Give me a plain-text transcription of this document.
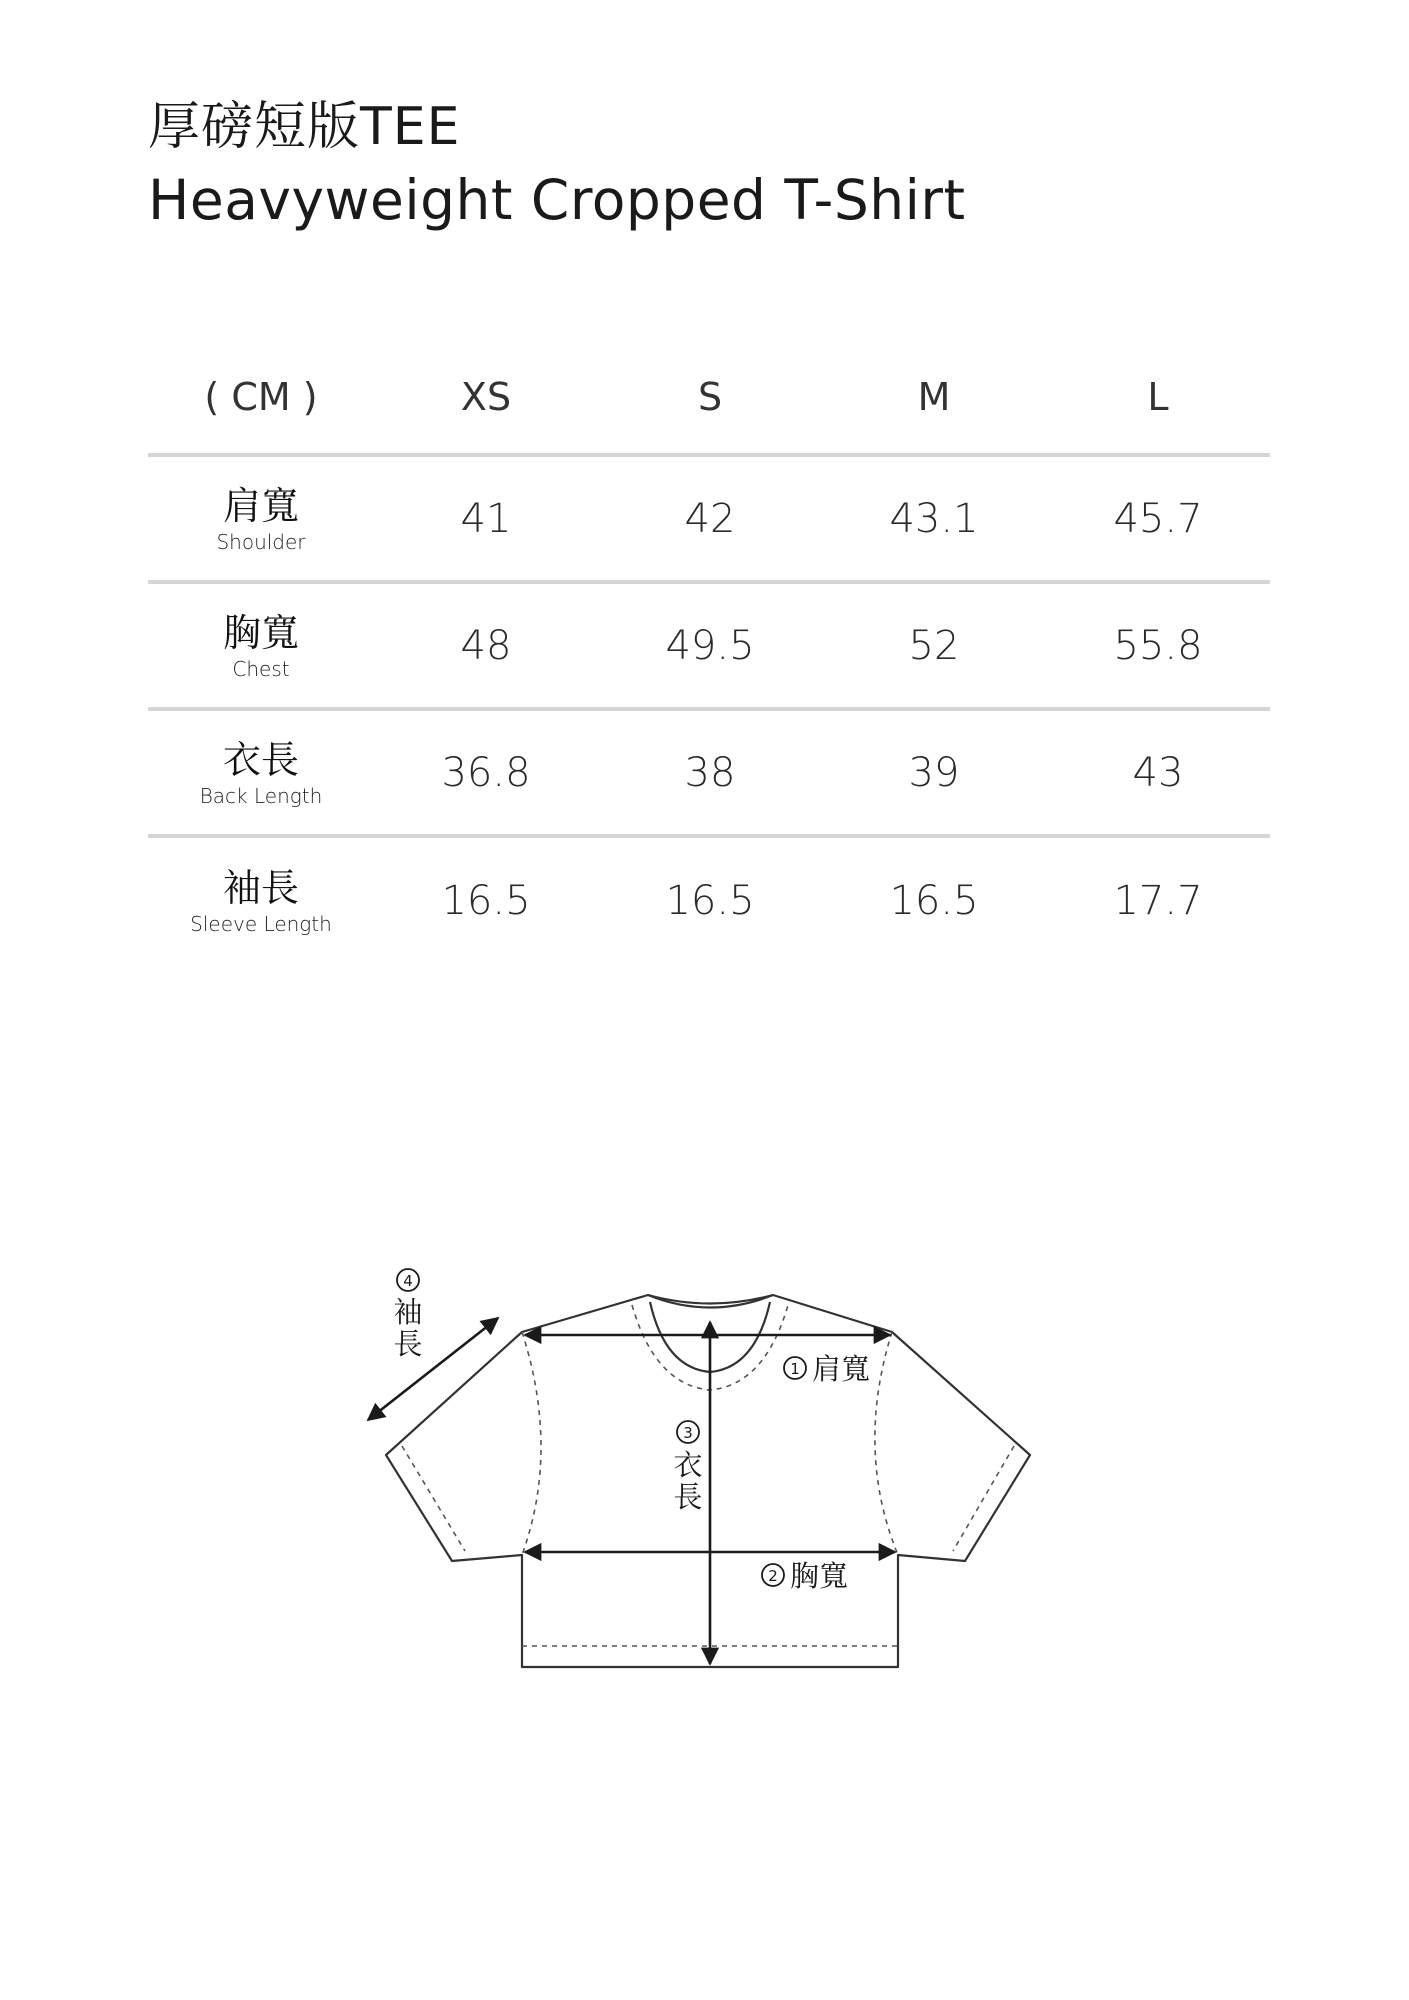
厚磅短版TEE
Heavyweight Cropped T-Shirt
( CM )	XS	S	M	L

肩寬
Shoulder	41	42	43.1	45.7

胸寬
Chest	48	49.5	52	55.8

衣長
Back Length	36.8	38	39	43

袖長
Sleeve Length	16.5	16.5	16.5	17.7
1 肩寬
2 胸寬
3
衣
長
4
袖
長
